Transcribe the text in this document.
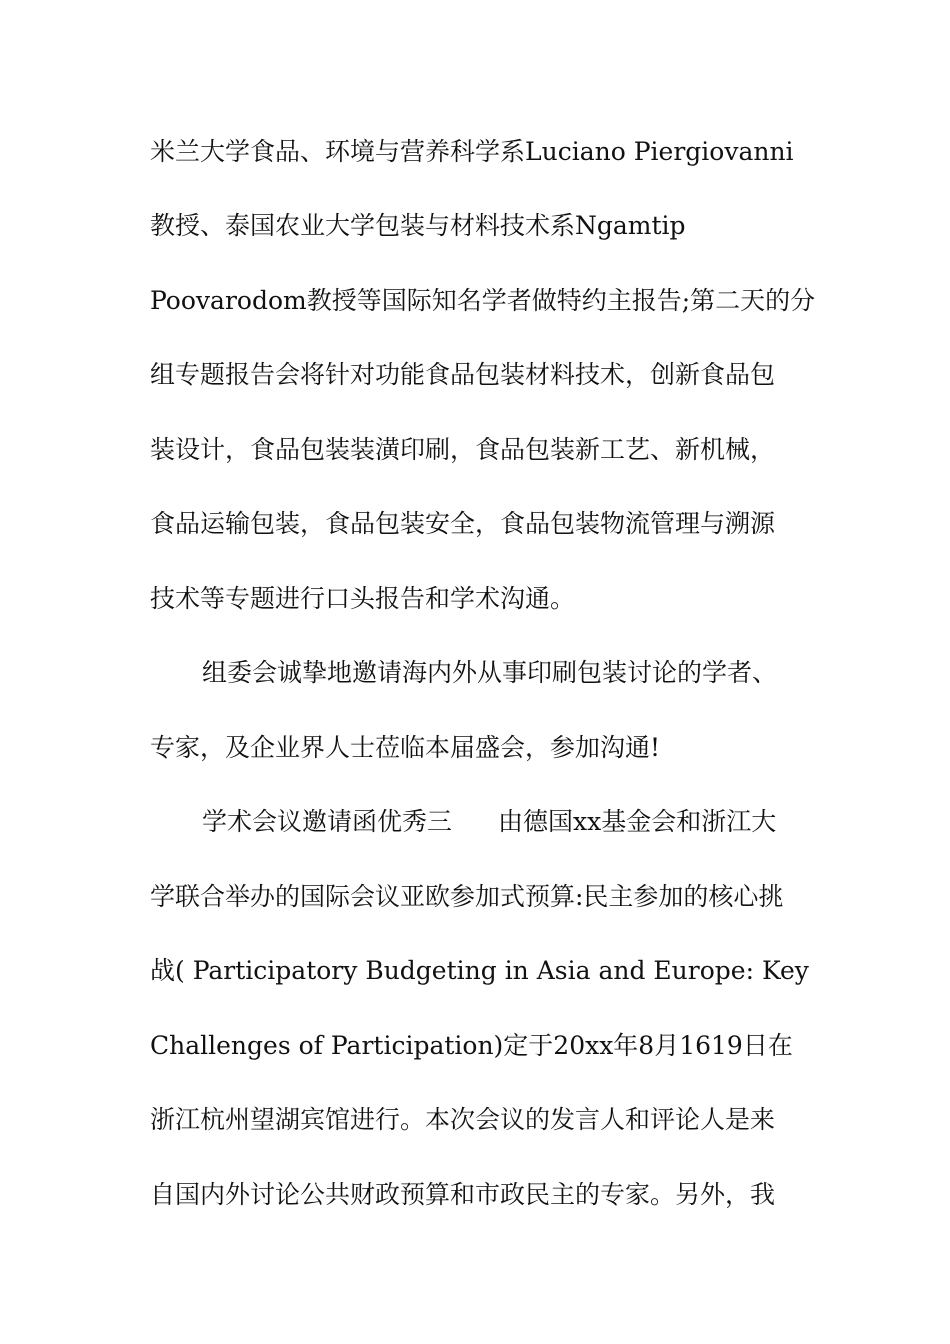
米兰大学食品、环境与营养科学系Luciano Piergiovanni
教授、泰国农业大学包装与材料技术系Ngamtip
Poovarodom教授等国际知名学者做特约主报告;第二天的分
组专题报告会将针对功能食品包装材料技术，创新食品包
装设计，食品包装装潢印刷，食品包装新工艺、新机械，
食品运输包装，食品包装安全，食品包装物流管理与溯源
技术等专题进行口头报告和学术沟通。
组委会诚挚地邀请海内外从事印刷包装讨论的学者、
专家，及企业界人士莅临本届盛会，参加沟通!
学术会议邀请函优秀三 由德国xx基金会和浙江大
学联合举办的国际会议亚欧参加式预算:民主参加的核心挑
战( Participatory Budgeting in Asia and Europe: Key
Challenges of Participation)定于20xx年8月1619日在
浙江杭州望湖宾馆进行。本次会议的发言人和评论人是来
自国内外讨论公共财政预算和市政民主的专家。另外，我
